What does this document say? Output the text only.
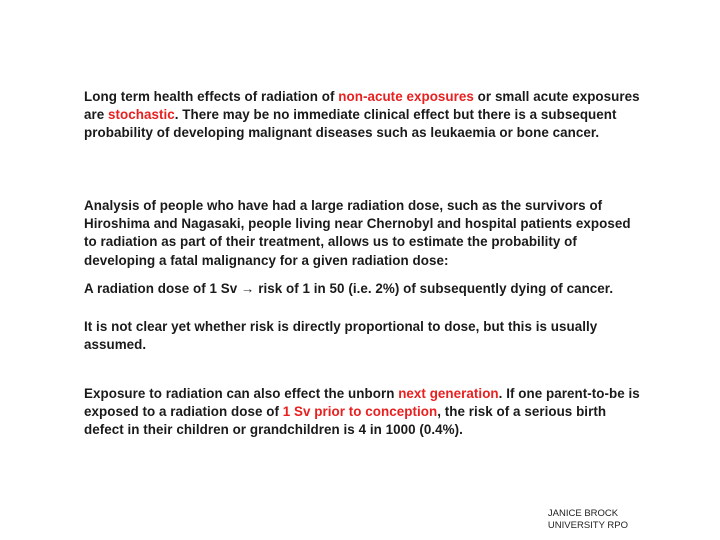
Long term health effects of radiation of non-acute exposures or small acute exposures are stochastic. There may be no immediate clinical effect but there is a subsequent probability of developing malignant diseases such as leukaemia or bone cancer.

Analysis of people who have had a large radiation dose, such as the survivors of Hiroshima and Nagasaki, people living near Chernobyl and hospital patients exposed to radiation as part of their treatment, allows us to estimate the probability of developing a fatal malignancy for a given radiation dose:

A radiation dose of 1 Sv → risk of 1 in 50 (i.e. 2%) of subsequently dying of cancer.

It is not clear yet whether risk is directly proportional to dose, but this is usually assumed.

Exposure to radiation can also effect the unborn next generation. If one parent-to-be is exposed to a radiation dose of 1 Sv prior to conception, the risk of a serious birth defect in their children or grandchildren is 4 in 1000 (0.4%).

JANICE BROCK
UNIVERSITY RPO
